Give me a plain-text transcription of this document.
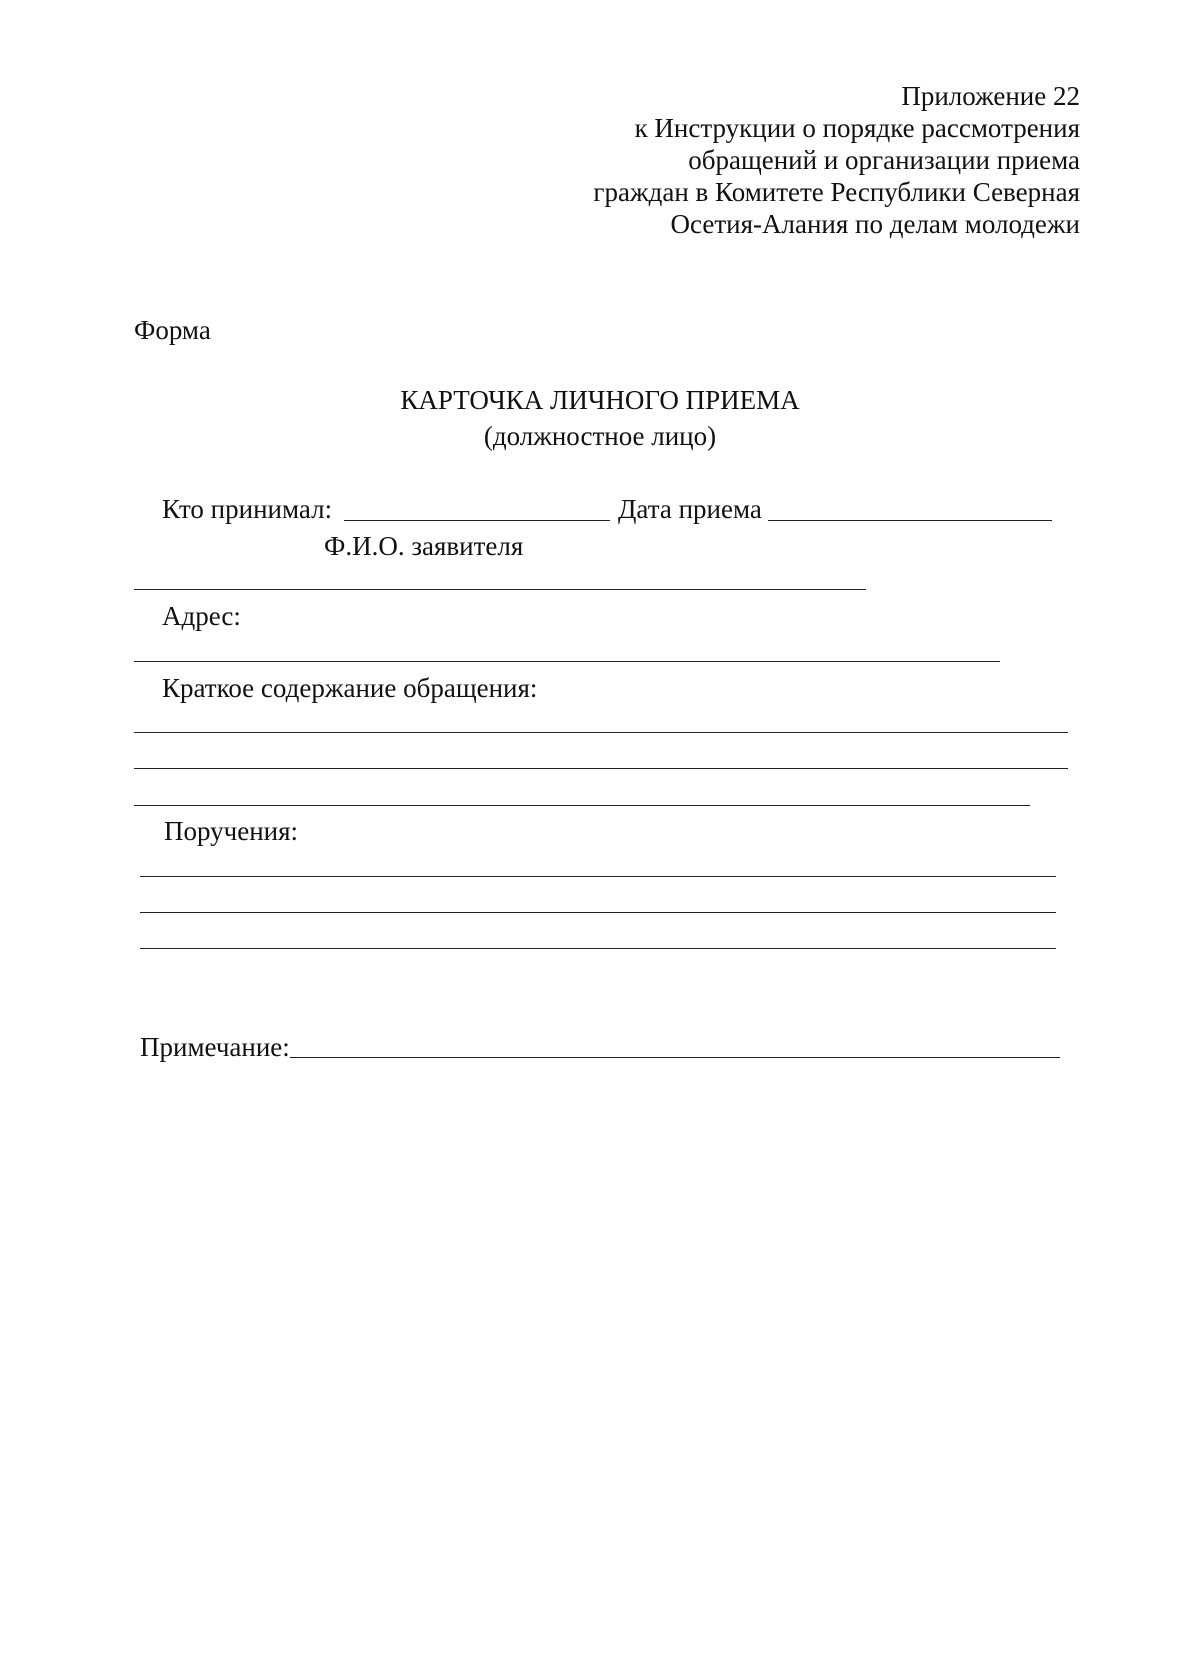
Приложение 22
к Инструкции о порядке рассмотрения
обращений и организации приема
граждан в Комитете Республики Северная
Осетия-Алания по делам молодежи
Форма
КАРТОЧКА ЛИЧНОГО ПРИЕМА
(должностное лицо)
Кто принимал:	Дата приема
Ф.И.О. заявителя
Адрес:
Краткое содержание обращения:
Поручения:
Примечание:
